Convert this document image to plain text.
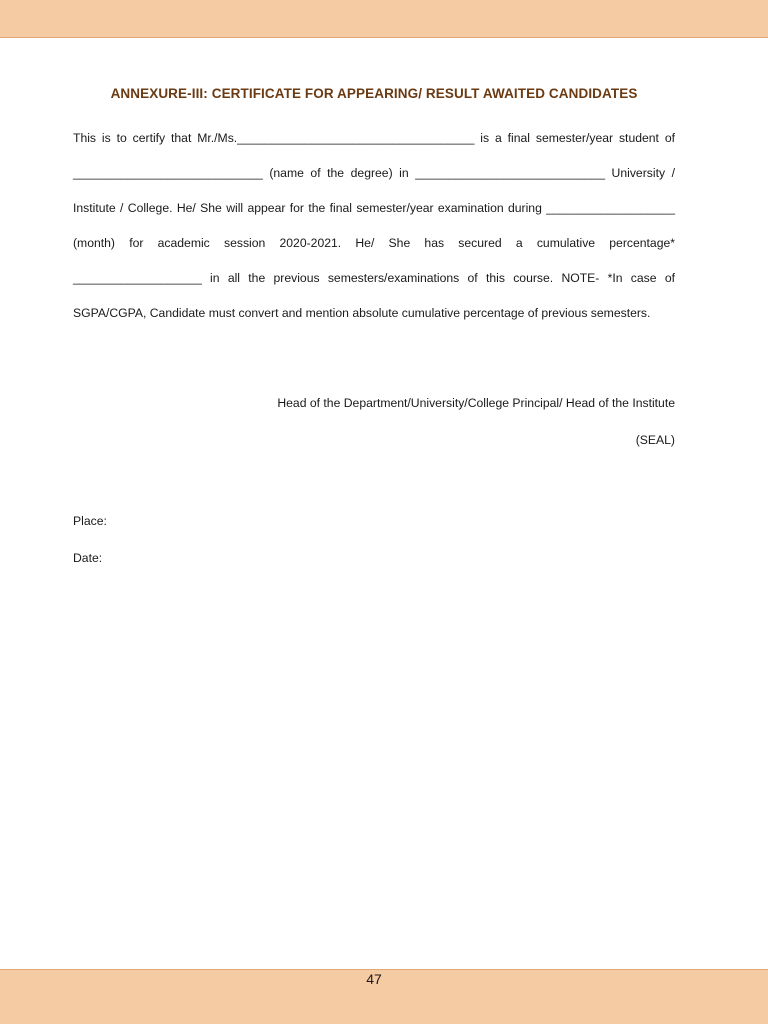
ANNEXURE-III: CERTIFICATE FOR APPEARING/ RESULT AWAITED CANDIDATES

This is to certify that Mr./Ms.___________________________________ is a final semester/year student of ____________________________ (name of the degree) in ____________________________ University / Institute / College. He/ She will appear for the final semester/year examination during ___________________ (month) for academic session 2020-2021. He/ She has secured a cumulative percentage* ___________________ in all the previous semesters/examinations of this course. NOTE- *In case of SGPA/CGPA, Candidate must convert and mention absolute cumulative percentage of previous semesters.

Head of the Department/University/College Principal/ Head of the Institute

(SEAL)

Place:
Date:
47
